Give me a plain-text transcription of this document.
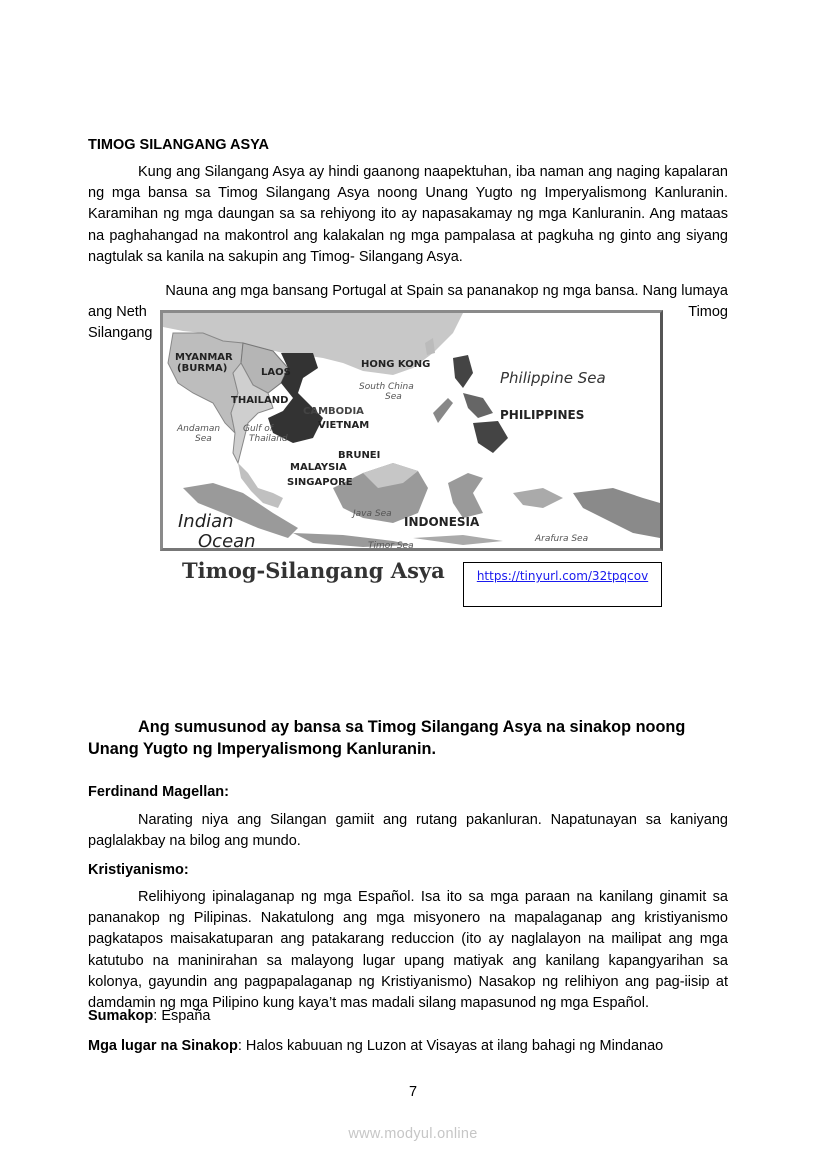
TIMOG SILANGANG ASYA
Kung ang Silangang Asya ay hindi gaanong naapektuhan, iba naman ang naging kapalaran ng mga bansa sa Timog Silangang Asya noong Unang Yugto ng Imperyalismong Kanluranin. Karamihan ng mga daungan sa sa rehiyong ito ay napasakamay ng mga Kanluranin. Ang mataas na paghahangad na makontrol ang kalakalan ng mga pampalasa at pagkuha ng ginto ang siyang nagtulak sa kanila na sakupin ang Timog- Silangang Asya.
Nauna ang mga bansang Portugal at Spain sa pananakop ng mga bansa. Nang lumaya
ang Neth	Timog
Silangang
MYANMAR
(BURMA)	LAOS
THAILAND
CAMBODIA
VIETNAM
HONG KONG
South China
Sea
Philippine Sea
PHILIPPINES
Andaman
Sea
Gulf of
Thailand
BRUNEI
MALAYSIA
SINGAPORE
Indian
Ocean
Java Sea
INDONESIA
Timor Sea
Arafura Sea
Timog-Silangang Asya	https://tinyurl.com/32tpqcov
Ang sumusunod ay bansa sa Timog Silangang Asya na sinakop noong Unang Yugto ng Imperyalismong Kanluranin.
Ferdinand Magellan:
Narating niya ang Silangan gamiit ang rutang pakanluran. Napatunayan sa kaniyang paglalakbay na bilog ang mundo.
Kristiyanismo:
Relihiyong ipinalaganap ng mga Español. Isa ito sa mga paraan na kanilang ginamit sa pananakop ng Pilipinas. Nakatulong ang mga misyonero na mapalaganap ang kristiyanismo pagkatapos maisakatuparan ang patakarang reduccion (ito ay naglalayon na mailipat ang mga katutubo na maninirahan sa malayong lugar upang matiyak ang kanilang kapangyarihan sa kolonya, gayundin ang pagpapalaganap ng Kristiyanismo) Nasakop ng relihiyon ang pag-iisip at damdamin ng mga Pilipino kung kaya’t mas madali silang mapasunod ng mga Español.
Sumakop: España
Mga lugar na Sinakop: Halos kabuuan ng Luzon at Visayas at ilang bahagi ng Mindanao
7
www.modyul.online
